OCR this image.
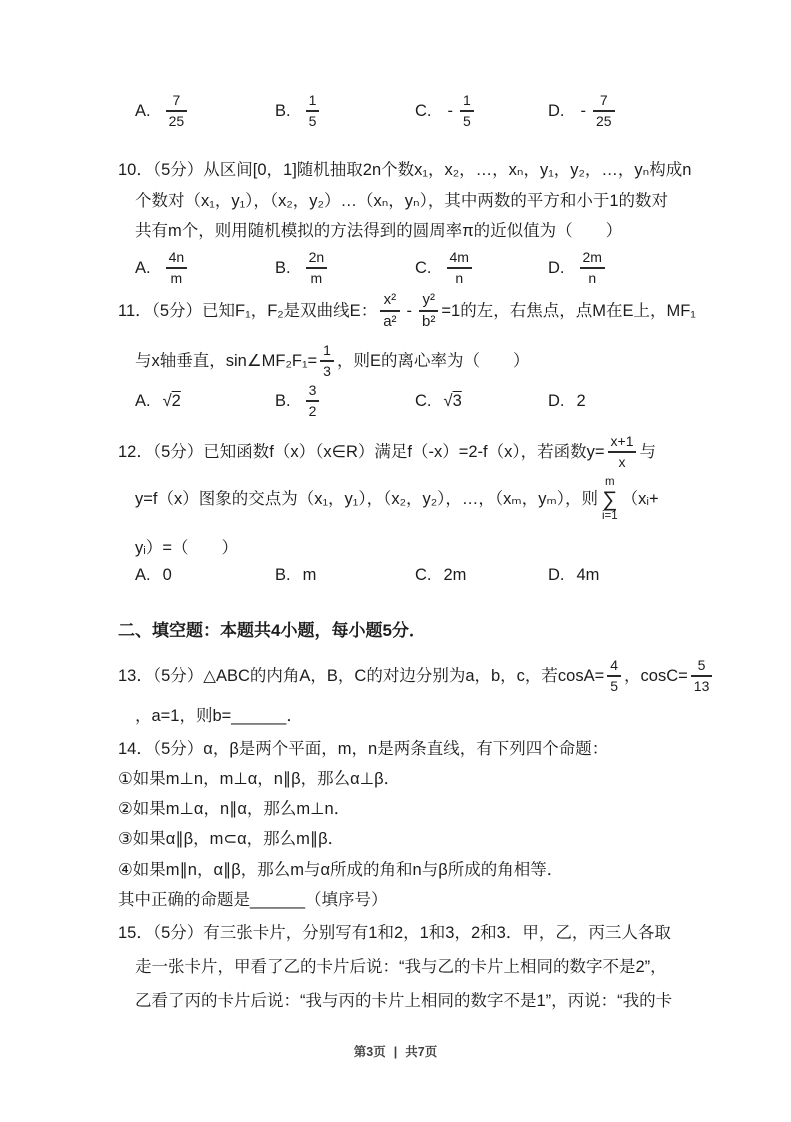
A. $\frac{7}{25}$	B. $\frac{1}{5}$	C. - $\frac{1}{5}$	D. - $\frac{7}{25}$
10．（5分）从区间[0，1]随机抽取2n个数x₁，x₂，…，xₙ，y₁，y₂，…，yₙ构成n
个数对（x₁，y₁），（x₂，y₂）…（xₙ，yₙ），其中两数的平方和小于1的数对
共有m个，则用随机模拟的方法得到的圆周率π的近似值为（　　）
A. $\frac{4n}{m}$	B. $\frac{2n}{m}$	C. $\frac{4m}{n}$	D. $\frac{2m}{n}$
11．（5分）已知F₁，F₂是双曲线E： $\frac{\text{x²}}{\text{a²}} - \frac{\text{y²}}{\text{b²}} =1$的左，右焦点，点M在E上，MF₁
与x轴垂直，sin∠MF₂F₁= $\frac{1}{3}$ ，则E的离心率为（　　）
A. √2	B. $\frac{3}{2}$	C. √3	D. 2
12．（5分）已知函数f（x）（x∈R）满足f（-x）=2-f（x），若函数$y= \frac{x+1}{x}$ 与
y=f（x）图象的交点为（x₁，y₁），（x₂，y₂），…，（xₘ，yₘ），则
m
∑
i=1
（xᵢ+
yᵢ）=（　　）
A. 0	B. m	C. 2m	D. 4m
二、填空题：本题共4小题，每小题5分．
13．（5分）△ABC的内角A，B，C的对边分别为a，b，c，若$\cos A= \frac{4}{5}$ ，$\cos C= \frac{5}{13}$
，a=1，则b=______．
14．（5分）α，β是两个平面，m，n是两条直线，有下列四个命题：
①如果m⊥n，m⊥α，n∥β，那么α⊥β．
②如果m⊥α，n∥α，那么m⊥n．
③如果α∥β，m⊂α，那么m∥β．
④如果m∥n，α∥β，那么m与α所成的角和n与β所成的角相等．
其中正确的命题是______（填序号）
15．（5分）有三张卡片，分别写有1和2，1和3，2和3．甲，乙，丙三人各取
走一张卡片，甲看了乙的卡片后说：“我与乙的卡片上相同的数字不是2”，
乙看了丙的卡片后说：“我与丙的卡片上相同的数字不是1”，丙说：“我的卡
第3页 | 共7页
